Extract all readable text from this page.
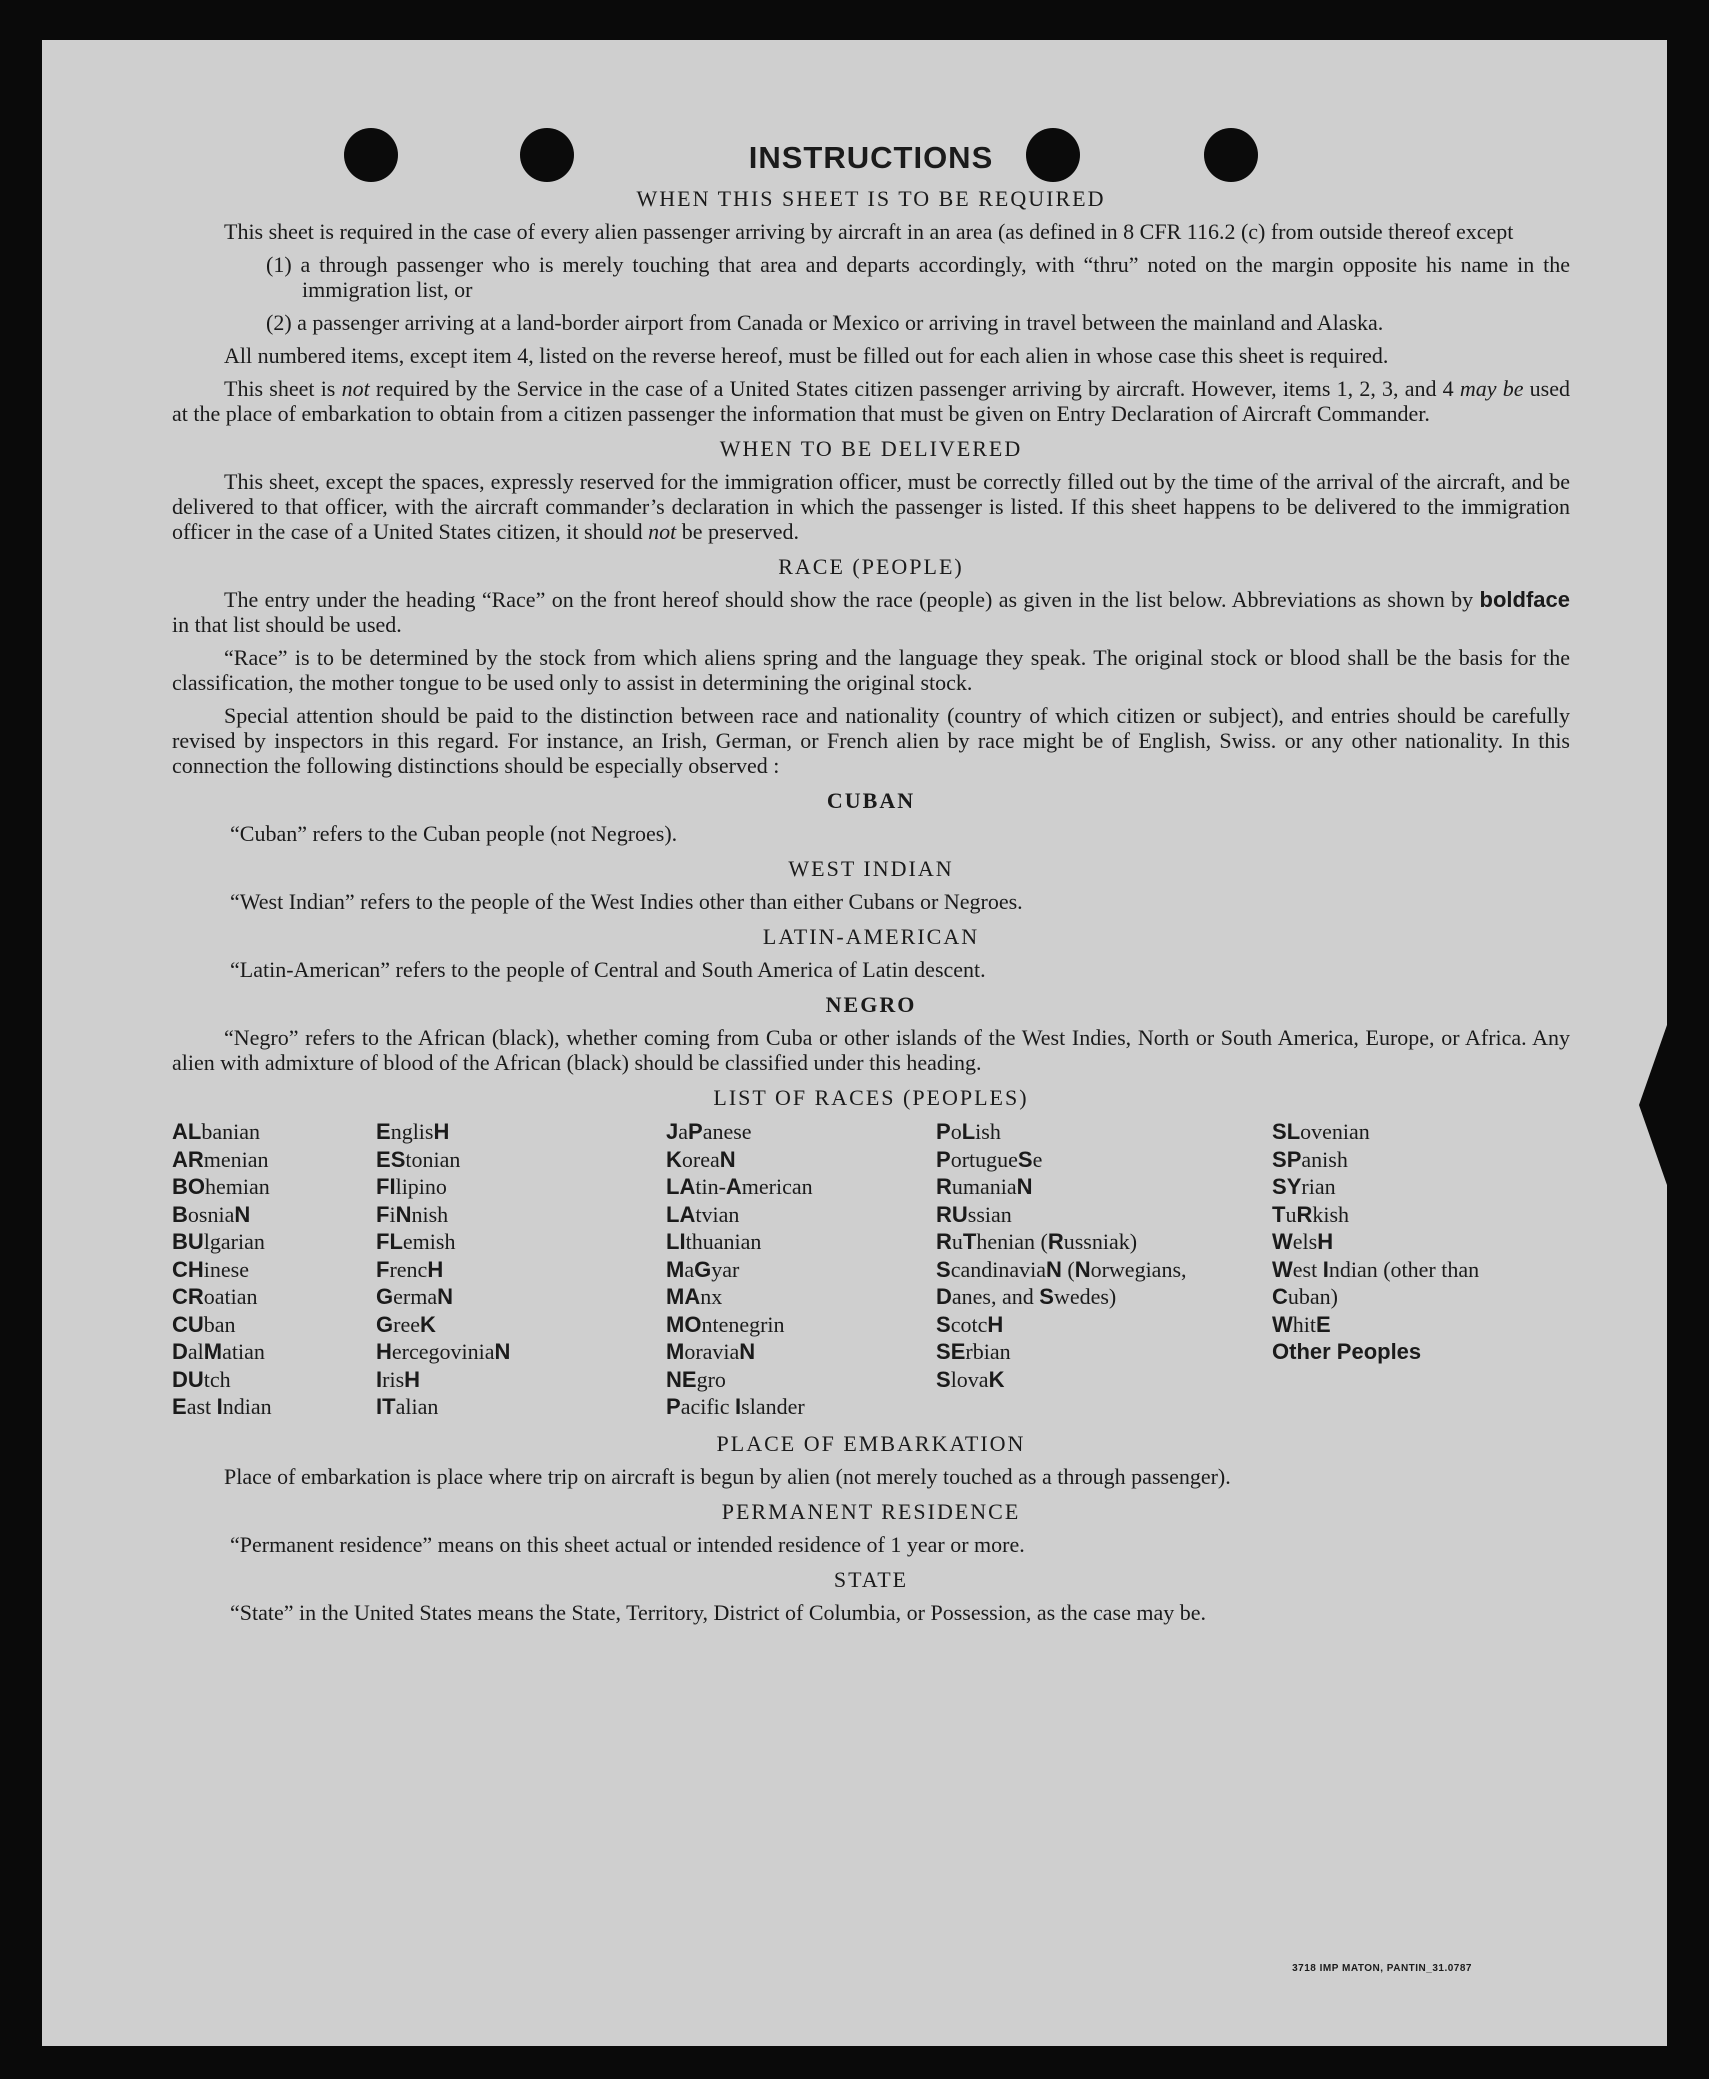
INSTRUCTIONS
WHEN THIS SHEET IS TO BE REQUIRED

This sheet is required in the case of every alien passenger arriving by aircraft in an area (as defined in 8 CFR 116.2 (c) from outside thereof except

(1) a through passenger who is merely touching that area and departs accordingly, with “thru” noted on the margin opposite his name in the immigration list, or

(2) a passenger arriving at a land-border airport from Canada or Mexico or arriving in travel between the mainland and Alaska.

All numbered items, except item 4, listed on the reverse hereof, must be filled out for each alien in whose case this sheet is required.

This sheet is not required by the Service in the case of a United States citizen passenger arriving by aircraft. However, items 1, 2, 3, and 4 may be used at the place of embarkation to obtain from a citizen passenger the information that must be given on Entry Declaration of Aircraft Commander.

WHEN TO BE DELIVERED

This sheet, except the spaces, expressly reserved for the immigration officer, must be correctly filled out by the time of the arrival of the aircraft, and be delivered to that officer, with the aircraft commander’s declaration in which the passenger is listed. If this sheet happens to be delivered to the immigration officer in the case of a United States citizen, it should not be preserved.

RACE (PEOPLE)

The entry under the heading “Race” on the front hereof should show the race (people) as given in the list below. Abbreviations as shown by boldface in that list should be used.

“Race” is to be determined by the stock from which aliens spring and the language they speak. The original stock or blood shall be the basis for the classification, the mother tongue to be used only to assist in determining the original stock.

Special attention should be paid to the distinction between race and nationality (country of which citizen or subject), and entries should be carefully revised by inspectors in this regard. For instance, an Irish, German, or French alien by race might be of English, Swiss. or any other nationality. In this connection the following distinctions should be especially observed :

CUBAN

“Cuban” refers to the Cuban people (not Negroes).

WEST INDIAN

“West Indian” refers to the people of the West Indies other than either Cubans or Negroes.

LATIN-AMERICAN

“Latin-American” refers to the people of Central and South America of Latin descent.

NEGRO

“Negro” refers to the African (black), whether coming from Cuba or other islands of the West Indies, North or South America, Europe, or Africa. Any alien with admixture of blood of the African (black) should be classified under this heading.

LIST OF RACES (PEOPLES)
ALbanian
ARmenian
BOhemian
BosniaN
BUlgarian
CHinese
CRoatian
CUban
DalMatian
DUtch
East Indian
EnglisH
EStonian
FIlipino
FiNnish
FLemish
FrencH
GermaN
GreeK
HercegoviniaN
IrisH
ITalian
JaPanese
KoreaN
LAtin-American
LAtvian
LIthuanian
MaGyar
MAnx
MOntenegrin
MoraviaN
NEgro
Pacific Islander
PoLish
PortugueSe
RumaniaN
RUssian
RuThenian (Russniak)
ScandinaviaN (Norwegians, Danes, and Swedes)
ScotcH
SErbian
SlovaK
SLovenian
SPanish
SYrian
TuRkish
WelsH
West Indian (other than Cuban)
WhitE
Other Peoples
PLACE OF EMBARKATION

Place of embarkation is place where trip on aircraft is begun by alien (not merely touched as a through passenger).

PERMANENT RESIDENCE

“Permanent residence” means on this sheet actual or intended residence of 1 year or more.

STATE

“State” in the United States means the State, Territory, District of Columbia, or Possession, as the case may be.

3718 IMP MATON, PANTIN_31.0787
